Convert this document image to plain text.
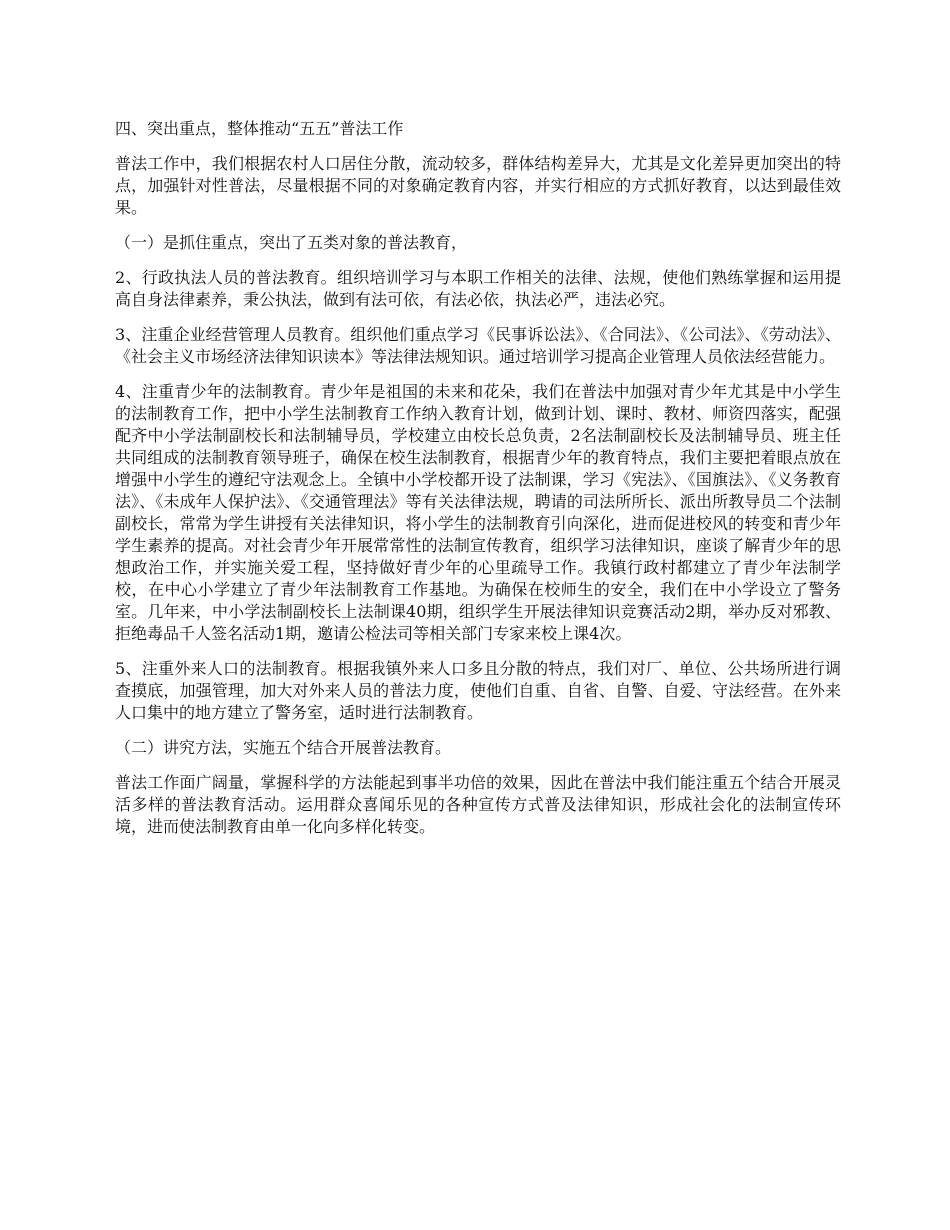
四、突出重点，整体推动“五五”普法工作

普法工作中，我们根据农村人口居住分散，流动较多，群体结构差异大，尤其是文化差异更加突出的特点，加强针对性普法，尽量根据不同的对象确定教育内容，并实行相应的方式抓好教育，以达到最佳效果。

（一）是抓住重点，突出了五类对象的普法教育，

2、行政执法人员的普法教育。组织培训学习与本职工作相关的法律、法规，使他们熟练掌握和运用提高自身法律素养，秉公执法，做到有法可依，有法必依，执法必严，违法必究。

3、注重企业经营管理人员教育。组织他们重点学习《民事诉讼法》、《合同法》、《公司法》、《劳动法》、《社会主义市场经济法律知识读本》等法律法规知识。通过培训学习提高企业管理人员依法经营能力。

4、注重青少年的法制教育。青少年是祖国的未来和花朵，我们在普法中加强对青少年尤其是中小学生的法制教育工作，把中小学生法制教育工作纳入教育计划，做到计划、课时、教材、师资四落实，配强配齐中小学法制副校长和法制辅导员，学校建立由校长总负责，2名法制副校长及法制辅导员、班主任共同组成的法制教育领导班子，确保在校生法制教育，根据青少年的教育特点，我们主要把着眼点放在增强中小学生的遵纪守法观念上。全镇中小学校都开设了法制课，学习《宪法》、《国旗法》、《义务教育法》、《未成年人保护法》、《交通管理法》等有关法律法规，聘请的司法所所长、派出所教导员二个法制副校长，常常为学生讲授有关法律知识，将小学生的法制教育引向深化，进而促进校风的转变和青少年学生素养的提高。对社会青少年开展常常性的法制宣传教育，组织学习法律知识，座谈了解青少年的思想政治工作，并实施关爱工程，坚持做好青少年的心里疏导工作。我镇行政村都建立了青少年法制学校，在中心小学建立了青少年法制教育工作基地。为确保在校师生的安全，我们在中小学设立了警务室。几年来，中小学法制副校长上法制课40期，组织学生开展法律知识竞赛活动2期，举办反对邪教、拒绝毒品千人签名活动1期，邀请公检法司等相关部门专家来校上课4次。

5、注重外来人口的法制教育。根据我镇外来人口多且分散的特点，我们对厂、单位、公共场所进行调查摸底，加强管理，加大对外来人员的普法力度，使他们自重、自省、自警、自爱、守法经营。在外来人口集中的地方建立了警务室，适时进行法制教育。

（二）讲究方法，实施五个结合开展普法教育。

普法工作面广阔量，掌握科学的方法能起到事半功倍的效果，因此在普法中我们能注重五个结合开展灵活多样的普法教育活动。运用群众喜闻乐见的各种宣传方式普及法律知识，形成社会化的法制宣传环境，进而使法制教育由单一化向多样化转变。
